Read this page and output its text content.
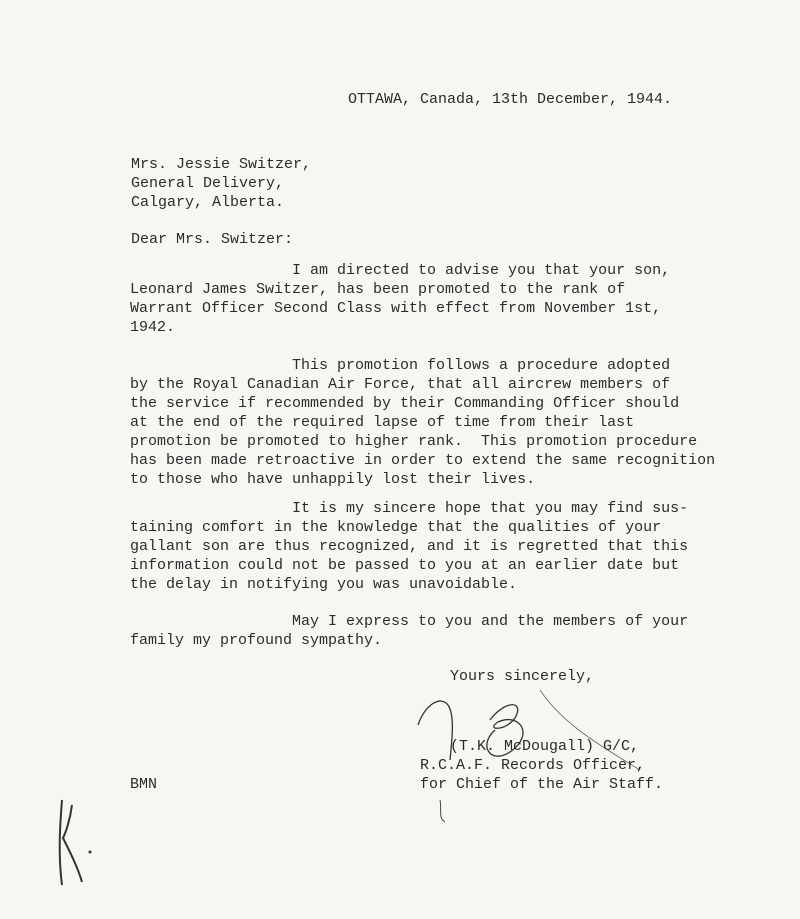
OTTAWA, Canada, 13th December, 1944.
Mrs. Jessie Switzer,
General Delivery,
Calgary, Alberta.
Dear Mrs. Switzer:
I am directed to advise you that your son,
Leonard James Switzer, has been promoted to the rank of
Warrant Officer Second Class with effect from November 1st,
1942.
This promotion follows a procedure adopted
by the Royal Canadian Air Force, that all aircrew members of
the service if recommended by their Commanding Officer should
at the end of the required lapse of time from their last
promotion be promoted to higher rank.  This promotion procedure
has been made retroactive in order to extend the same recognition
to those who have unhappily lost their lives.
It is my sincere hope that you may find sus-
taining comfort in the knowledge that the qualities of your
gallant son are thus recognized, and it is regretted that this
information could not be passed to you at an earlier date but
the delay in notifying you was unavoidable.
May I express to you and the members of your
family my profound sympathy.
Yours sincerely,
(T.K. McDougall) G/C,
R.C.A.F. Records Officer,
for Chief of the Air Staff.
BMN
